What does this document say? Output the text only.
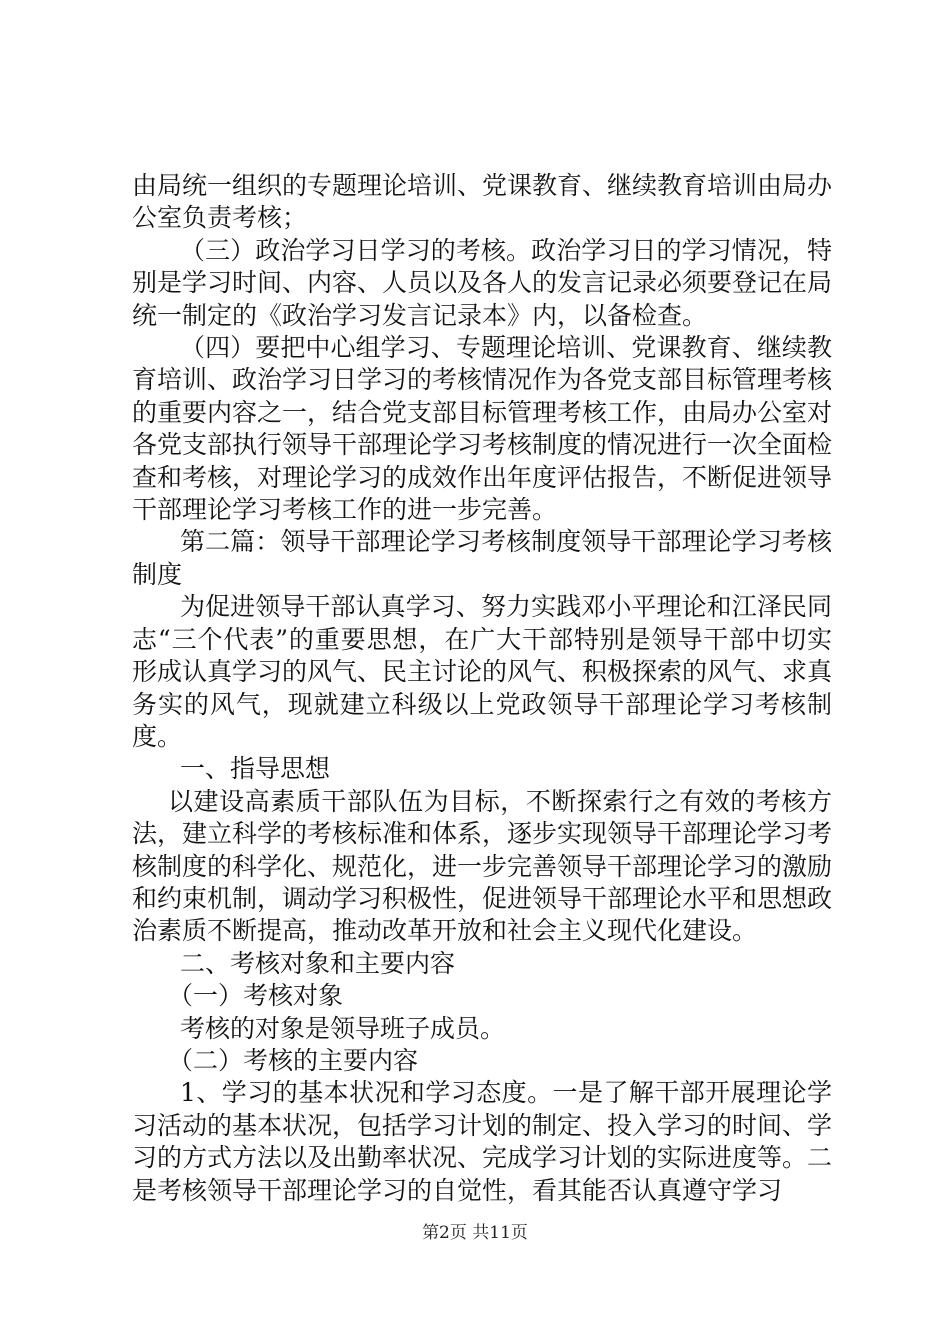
由局统一组织的专题理论培训、党课教育、继续教育培训由局办公室负责考核；

（三）政治学习日学习的考核。政治学习日的学习情况，特别是学习时间、内容、人员以及各人的发言记录必须要登记在局统一制定的《政治学习发言记录本》内，以备检查。

（四）要把中心组学习、专题理论培训、党课教育、继续教育培训、政治学习日学习的考核情况作为各党支部目标管理考核的重要内容之一，结合党支部目标管理考核工作，由局办公室对各党支部执行领导干部理论学习考核制度的情况进行一次全面检查和考核，对理论学习的成效作出年度评估报告，不断促进领导干部理论学习考核工作的进一步完善。

第二篇：领导干部理论学习考核制度领导干部理论学习考核制度

为促进领导干部认真学习、努力实践邓小平理论和江泽民同志“三个代表”的重要思想，在广大干部特别是领导干部中切实形成认真学习的风气、民主讨论的风气、积极探索的风气、求真务实的风气，现就建立科级以上党政领导干部理论学习考核制度。

一、指导思想

以建设高素质干部队伍为目标，不断探索行之有效的考核方法，建立科学的考核标准和体系，逐步实现领导干部理论学习考核制度的科学化、规范化，进一步完善领导干部理论学习的激励和约束机制，调动学习积极性，促进领导干部理论水平和思想政治素质不断提高，推动改革开放和社会主义现代化建设。

二、考核对象和主要内容

（一）考核对象

考核的对象是领导班子成员。

（二）考核的主要内容

1、学习的基本状况和学习态度。一是了解干部开展理论学习活动的基本状况，包括学习计划的制定、投入学习的时间、学习的方式方法以及出勤率状况、完成学习计划的实际进度等。二是考核领导干部理论学习的自觉性，看其能否认真遵守学习

第2页 共11页
